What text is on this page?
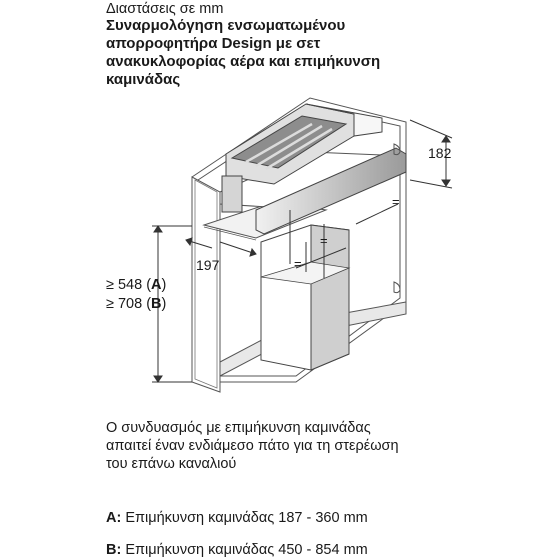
Διαστάσεις σε mm

Συναρμολόγηση ενσωματωμένου
απορροφητήρα Design με σετ
ανακυκλοφορίας αέρα και επιμήκυνση
καμινάδας
182
=
=
=
197
≥ 548 (A)
≥ 708 (B)

Ο συνδυασμός με επιμήκυνση καμινάδας
απαιτεί έναν ενδιάμεσο πάτο για τη στερέωση
του επάνω καναλιού

A: Επιμήκυνση καμινάδας 187 - 360 mm

B: Επιμήκυνση καμινάδας 450 - 854 mm
